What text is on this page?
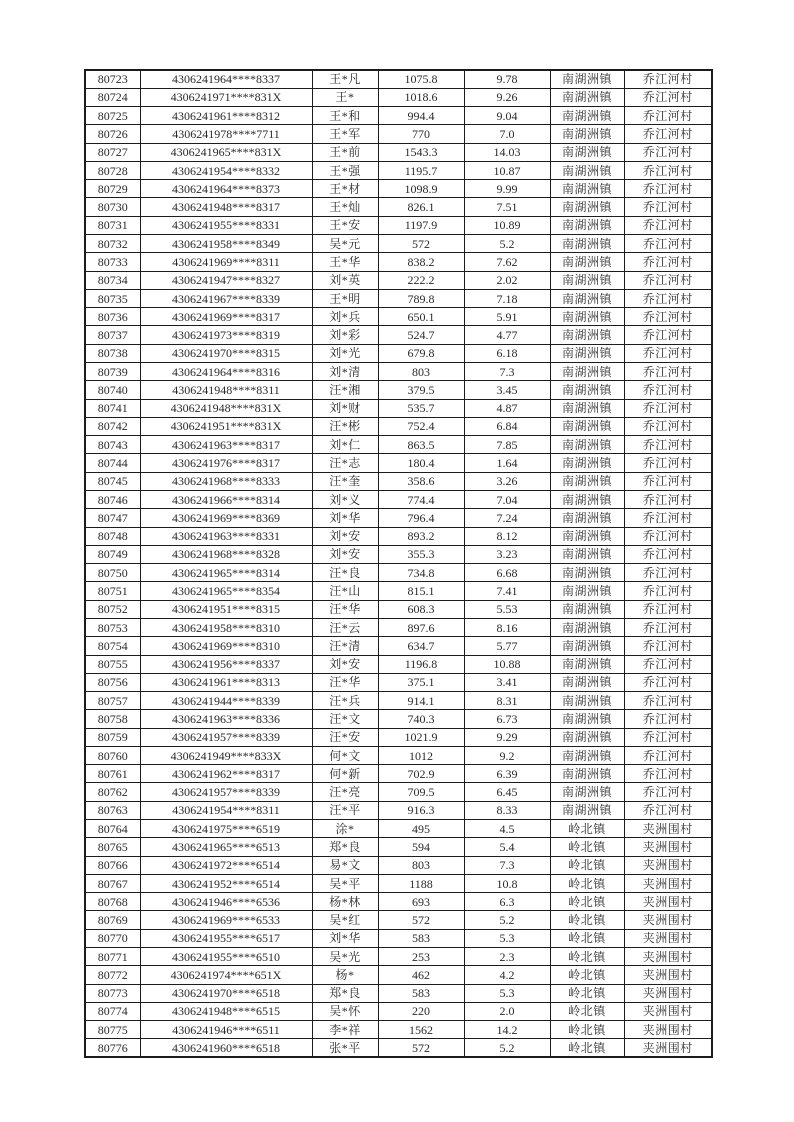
80723	4306241964****8337	王*凡	1075.8	9.78	南湖洲镇	乔江河村
80724	4306241971****831X	王*	1018.6	9.26	南湖洲镇	乔江河村
80725	4306241961****8312	王*和	994.4	9.04	南湖洲镇	乔江河村
80726	4306241978****7711	王*军	770	7.0	南湖洲镇	乔江河村
80727	4306241965****831X	王*前	1543.3	14.03	南湖洲镇	乔江河村
80728	4306241954****8332	王*强	1195.7	10.87	南湖洲镇	乔江河村
80729	4306241964****8373	王*材	1098.9	9.99	南湖洲镇	乔江河村
80730	4306241948****8317	王*灿	826.1	7.51	南湖洲镇	乔江河村
80731	4306241955****8331	王*安	1197.9	10.89	南湖洲镇	乔江河村
80732	4306241958****8349	吴*元	572	5.2	南湖洲镇	乔江河村
80733	4306241969****8311	王*华	838.2	7.62	南湖洲镇	乔江河村
80734	4306241947****8327	刘*英	222.2	2.02	南湖洲镇	乔江河村
80735	4306241967****8339	王*明	789.8	7.18	南湖洲镇	乔江河村
80736	4306241969****8317	刘*兵	650.1	5.91	南湖洲镇	乔江河村
80737	4306241973****8319	刘*彩	524.7	4.77	南湖洲镇	乔江河村
80738	4306241970****8315	刘*光	679.8	6.18	南湖洲镇	乔江河村
80739	4306241964****8316	刘*清	803	7.3	南湖洲镇	乔江河村
80740	4306241948****8311	汪*湘	379.5	3.45	南湖洲镇	乔江河村
80741	4306241948****831X	刘*财	535.7	4.87	南湖洲镇	乔江河村
80742	4306241951****831X	汪*彬	752.4	6.84	南湖洲镇	乔江河村
80743	4306241963****8317	刘*仁	863.5	7.85	南湖洲镇	乔江河村
80744	4306241976****8317	汪*志	180.4	1.64	南湖洲镇	乔江河村
80745	4306241968****8333	汪*奎	358.6	3.26	南湖洲镇	乔江河村
80746	4306241966****8314	刘*义	774.4	7.04	南湖洲镇	乔江河村
80747	4306241969****8369	刘*华	796.4	7.24	南湖洲镇	乔江河村
80748	4306241963****8331	刘*安	893.2	8.12	南湖洲镇	乔江河村
80749	4306241968****8328	刘*安	355.3	3.23	南湖洲镇	乔江河村
80750	4306241965****8314	汪*良	734.8	6.68	南湖洲镇	乔江河村
80751	4306241965****8354	汪*山	815.1	7.41	南湖洲镇	乔江河村
80752	4306241951****8315	汪*华	608.3	5.53	南湖洲镇	乔江河村
80753	4306241958****8310	汪*云	897.6	8.16	南湖洲镇	乔江河村
80754	4306241969****8310	汪*清	634.7	5.77	南湖洲镇	乔江河村
80755	4306241956****8337	刘*安	1196.8	10.88	南湖洲镇	乔江河村
80756	4306241961****8313	汪*华	375.1	3.41	南湖洲镇	乔江河村
80757	4306241944****8339	汪*兵	914.1	8.31	南湖洲镇	乔江河村
80758	4306241963****8336	汪*文	740.3	6.73	南湖洲镇	乔江河村
80759	4306241957****8339	汪*安	1021.9	9.29	南湖洲镇	乔江河村
80760	4306241949****833X	何*文	1012	9.2	南湖洲镇	乔江河村
80761	4306241962****8317	何*新	702.9	6.39	南湖洲镇	乔江河村
80762	4306241957****8339	汪*亮	709.5	6.45	南湖洲镇	乔江河村
80763	4306241954****8311	汪*平	916.3	8.33	南湖洲镇	乔江河村
80764	4306241975****6519	涂*	495	4.5	岭北镇	夹洲围村
80765	4306241965****6513	郑*良	594	5.4	岭北镇	夹洲围村
80766	4306241972****6514	易*文	803	7.3	岭北镇	夹洲围村
80767	4306241952****6514	吴*平	1188	10.8	岭北镇	夹洲围村
80768	4306241946****6536	杨*林	693	6.3	岭北镇	夹洲围村
80769	4306241969****6533	吴*红	572	5.2	岭北镇	夹洲围村
80770	4306241955****6517	刘*华	583	5.3	岭北镇	夹洲围村
80771	4306241955****6510	吴*光	253	2.3	岭北镇	夹洲围村
80772	4306241974****651X	杨*	462	4.2	岭北镇	夹洲围村
80773	4306241970****6518	郑*良	583	5.3	岭北镇	夹洲围村
80774	4306241948****6515	吴*怀	220	2.0	岭北镇	夹洲围村
80775	4306241946****6511	李*祥	1562	14.2	岭北镇	夹洲围村
80776	4306241960****6518	张*平	572	5.2	岭北镇	夹洲围村
